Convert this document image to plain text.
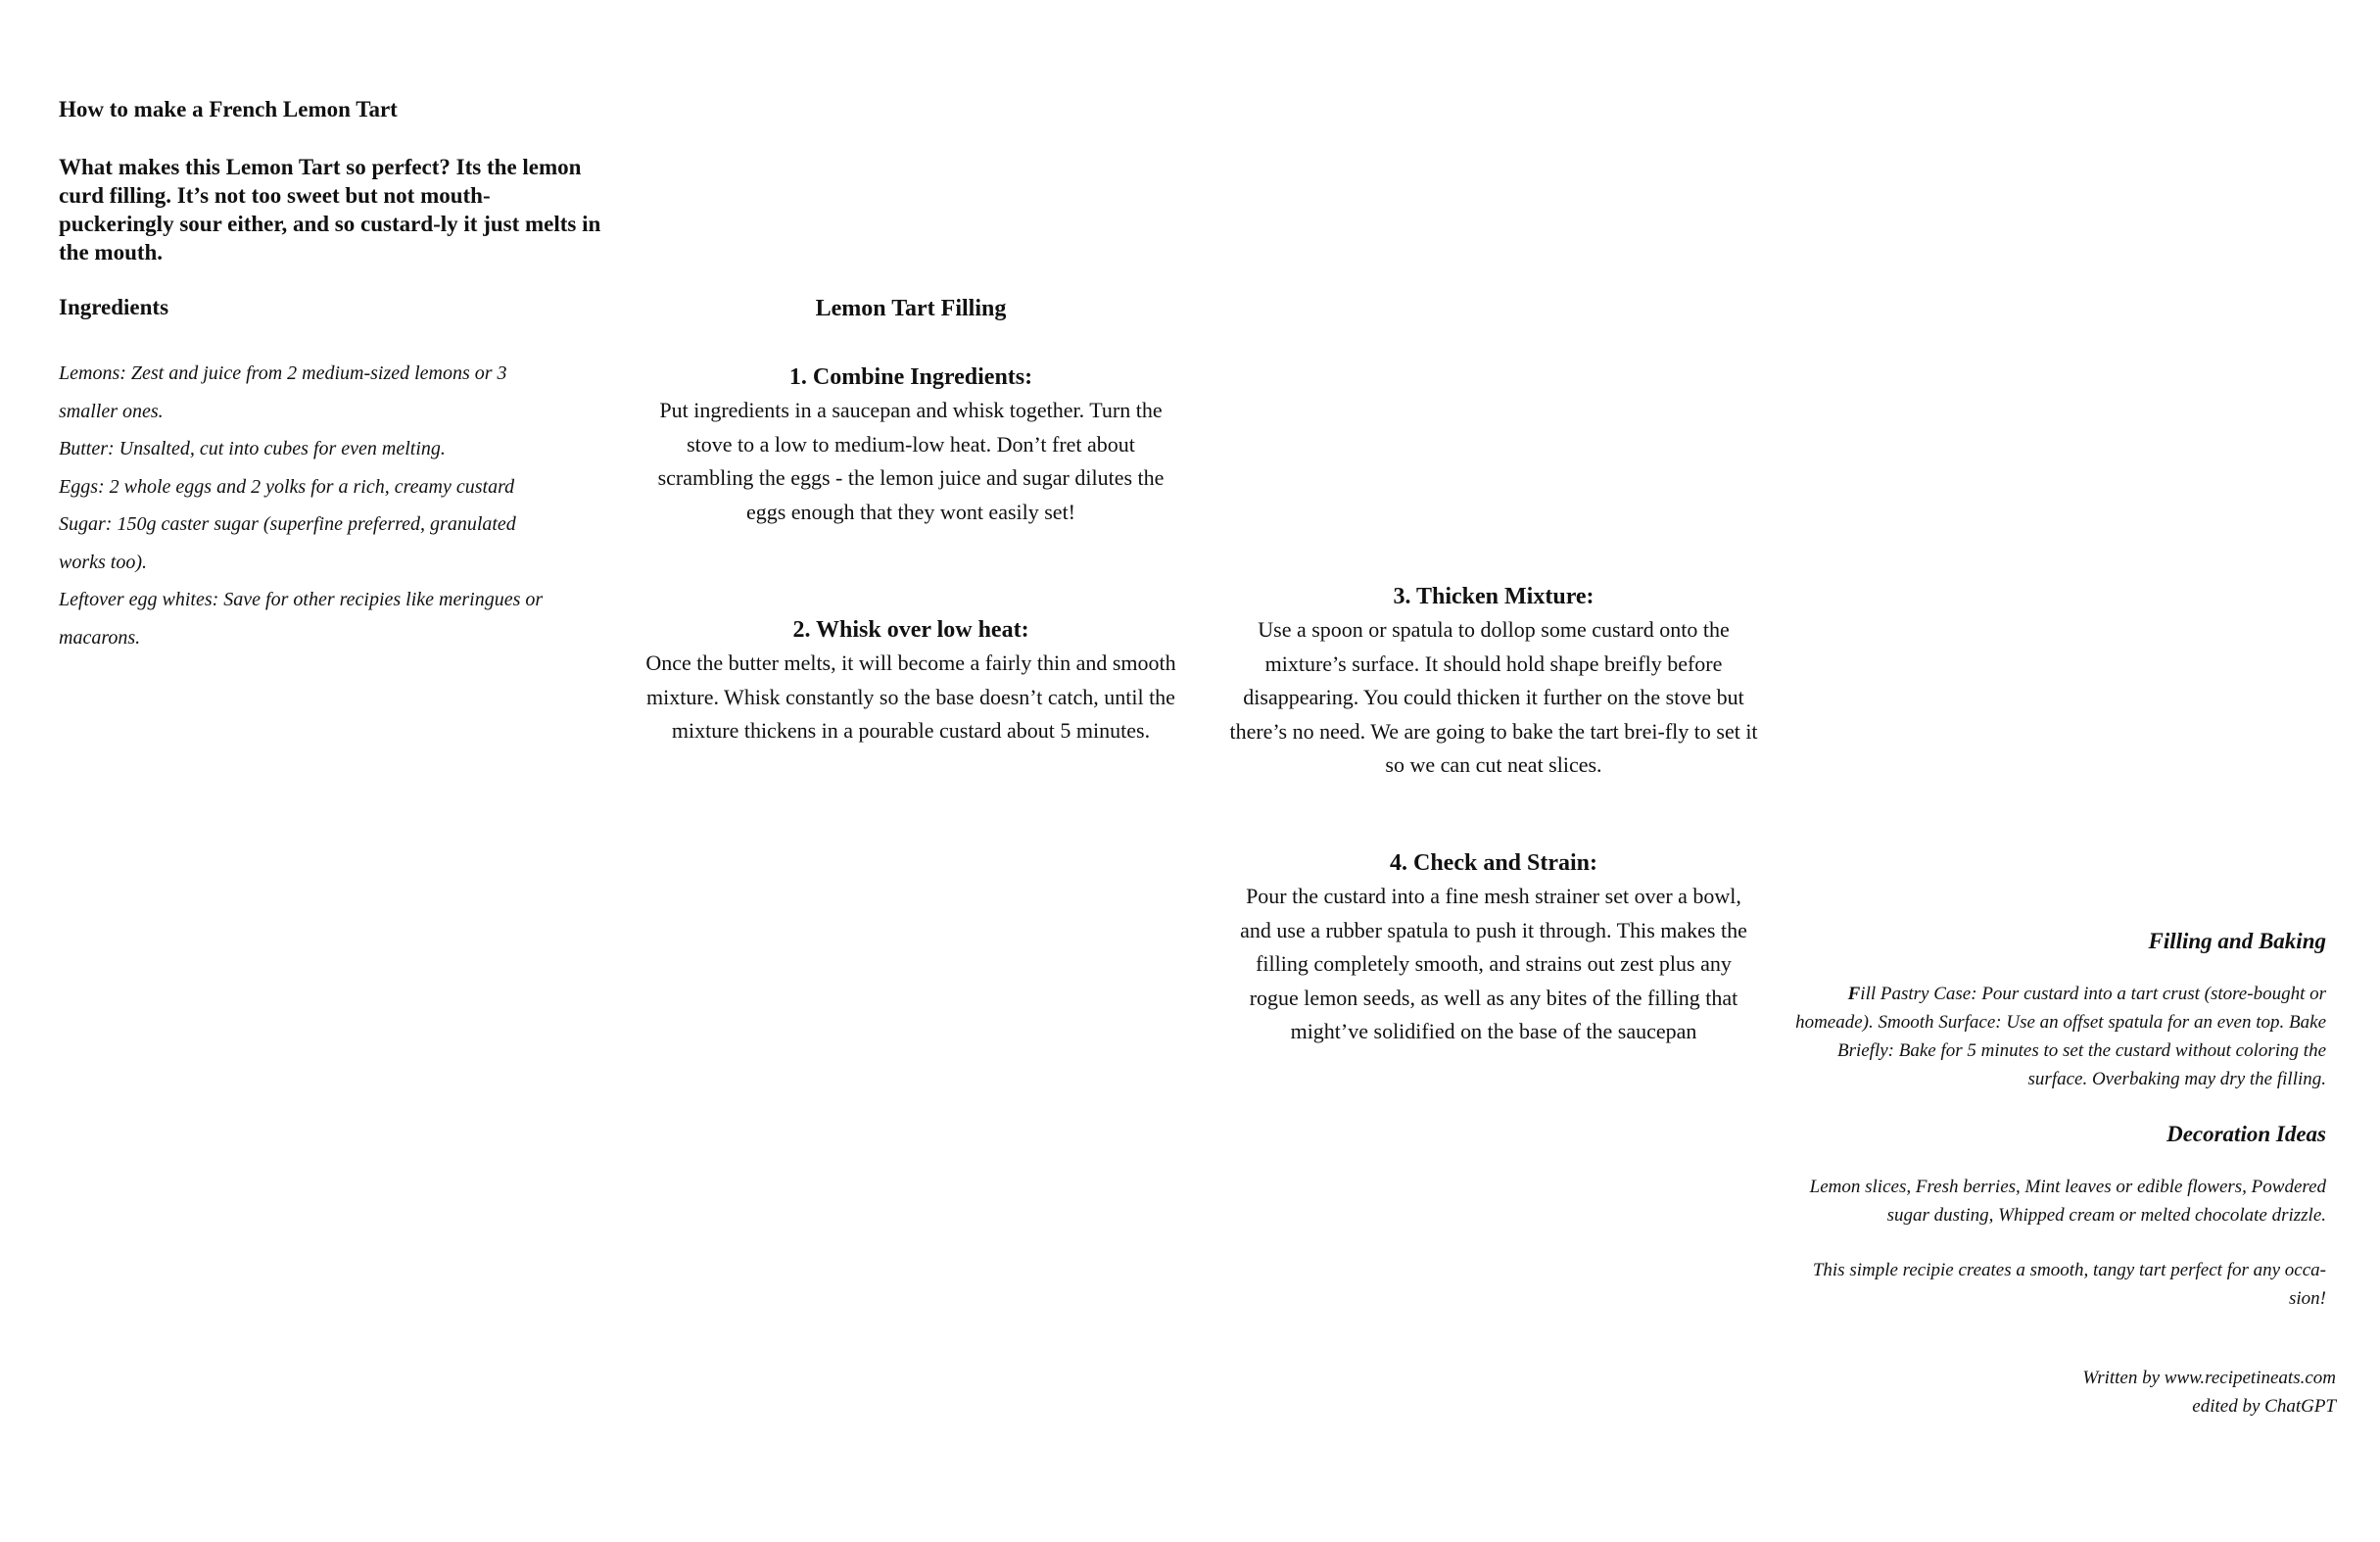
How to make a French Lemon Tart
What makes this Lemon Tart so perfect? Its the lemon curd filling. It’s not too sweet but not mouth-puckeringly sour either, and so custard-ly it just melts in the mouth.
Ingredients

Lemons: Zest and juice from 2 medium-sized lemons or 3 smaller ones.

Butter: Unsalted, cut into cubes for even melting.

Eggs: 2 whole eggs and 2 yolks for a rich, creamy custard

Sugar: 150g caster sugar (superfine preferred, granulated works too).

Leftover egg whites: Save for other recipies like meringues or macarons.

Lemon Tart Filling
1. Combine Ingredients:
Put ingredients in a saucepan and whisk together. Turn the stove to a low to medium-low heat. Don’t fret about scrambling the eggs - the lemon juice and sugar dilutes the eggs enough that they wont easily set!
2. Whisk over low heat:
Once the butter melts, it will become a fairly thin and smooth mixture. Whisk constantly so the base doesn’t catch, until the mixture thickens in a pourable custard about 5 minutes.
3. Thicken Mixture:
Use a spoon or spatula to dollop some custard onto the mixture’s surface. It should hold shape breifly before disappearing. You could thicken it further on the stove but there’s no need. We are going to bake the tart brei-fly to set it so we can cut neat slices.
4. Check and Strain:
Pour the custard into a fine mesh strainer set over a bowl, and use a rubber spatula to push it through. This makes the filling completely smooth, and strains out zest plus any rogue lemon seeds, as well as any bites of the filling that might’ve solidified on the base of the saucepan
Filling and Baking
Fill Pastry Case: Pour custard into a tart crust (store-bought or homeade). Smooth Surface: Use an offset spatula for an even top. Bake Briefly: Bake for 5 minutes to set the custard without coloring the surface. Overbaking may dry the filling.
Decoration Ideas
Lemon slices, Fresh berries, Mint leaves or edible flowers, Powdered sugar dusting, Whipped cream or melted chocolate drizzle.
This simple recipie creates a smooth, tangy tart perfect for any occa-sion!
Written by www.recipetineats.com
edited by ChatGPT
